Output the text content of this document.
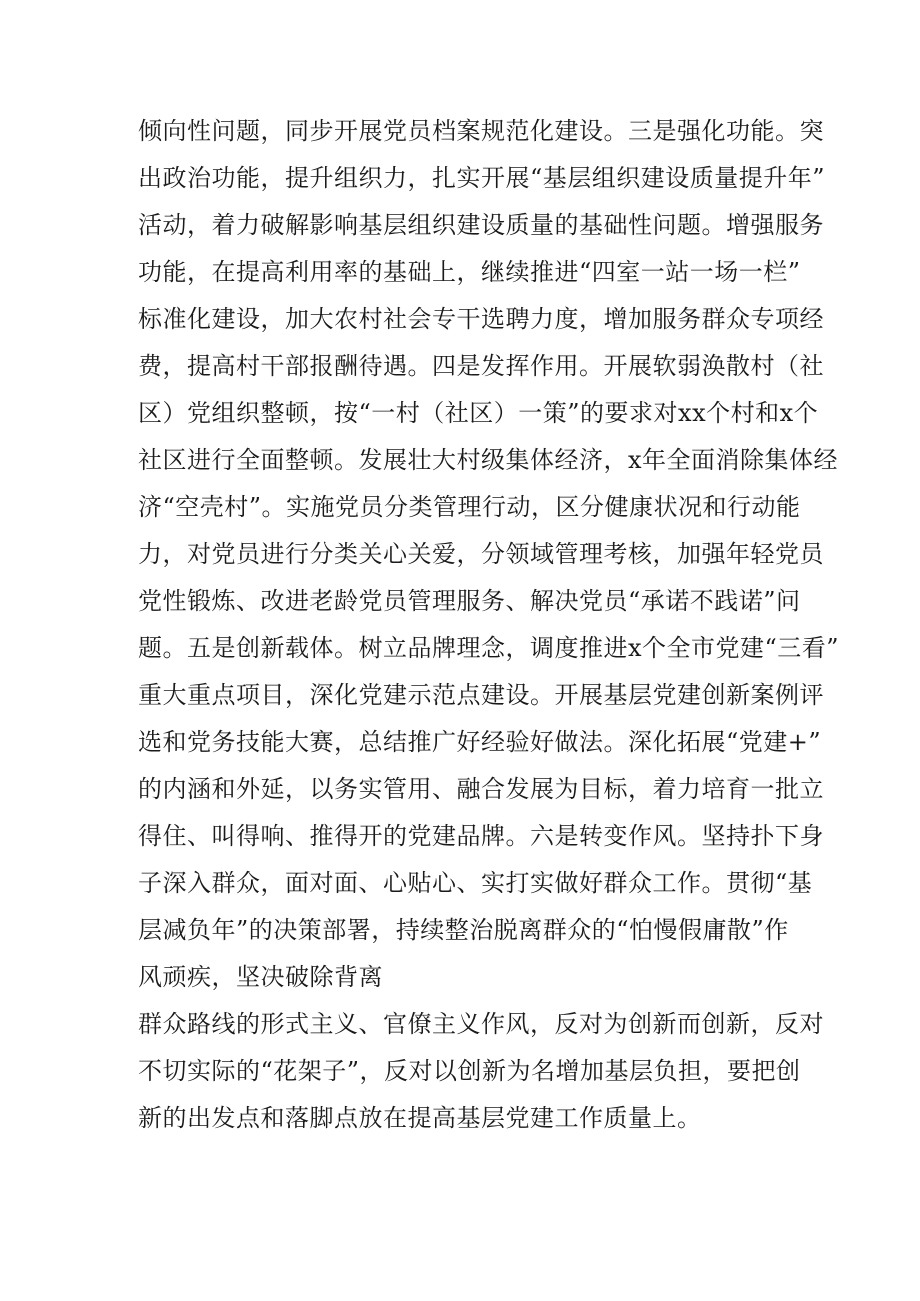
倾向性问题，同步开展党员档案规范化建设。三是强化功能。突
出政治功能，提升组织力，扎实开展“基层组织建设质量提升年”
活动，着力破解影响基层组织建设质量的基础性问题。增强服务
功能，在提高利用率的基础上，继续推进“四室一站一场一栏”
标准化建设，加大农村社会专干选聘力度，增加服务群众专项经
费，提高村干部报酬待遇。四是发挥作用。开展软弱涣散村（社
区）党组织整顿，按“一村（社区）一策”的要求对xx个村和x个
社区进行全面整顿。发展壮大村级集体经济，x年全面消除集体经
济“空壳村”。实施党员分类管理行动，区分健康状况和行动能
力，对党员进行分类关心关爱，分领域管理考核，加强年轻党员
党性锻炼、改进老龄党员管理服务、解决党员“承诺不践诺”问
题。五是创新载体。树立品牌理念，调度推进x个全市党建“三看”
重大重点项目，深化党建示范点建设。开展基层党建创新案例评
选和党务技能大赛，总结推广好经验好做法。深化拓展“党建+”
的内涵和外延，以务实管用、融合发展为目标，着力培育一批立
得住、叫得响、推得开的党建品牌。六是转变作风。坚持扑下身
子深入群众，面对面、心贴心、实打实做好群众工作。贯彻“基
层减负年”的决策部署，持续整治脱离群众的“怕慢假庸散”作
风顽疾，坚决破除背离
群众路线的形式主义、官僚主义作风，反对为创新而创新，反对
不切实际的“花架子”，反对以创新为名增加基层负担，要把创
新的出发点和落脚点放在提高基层党建工作质量上。
